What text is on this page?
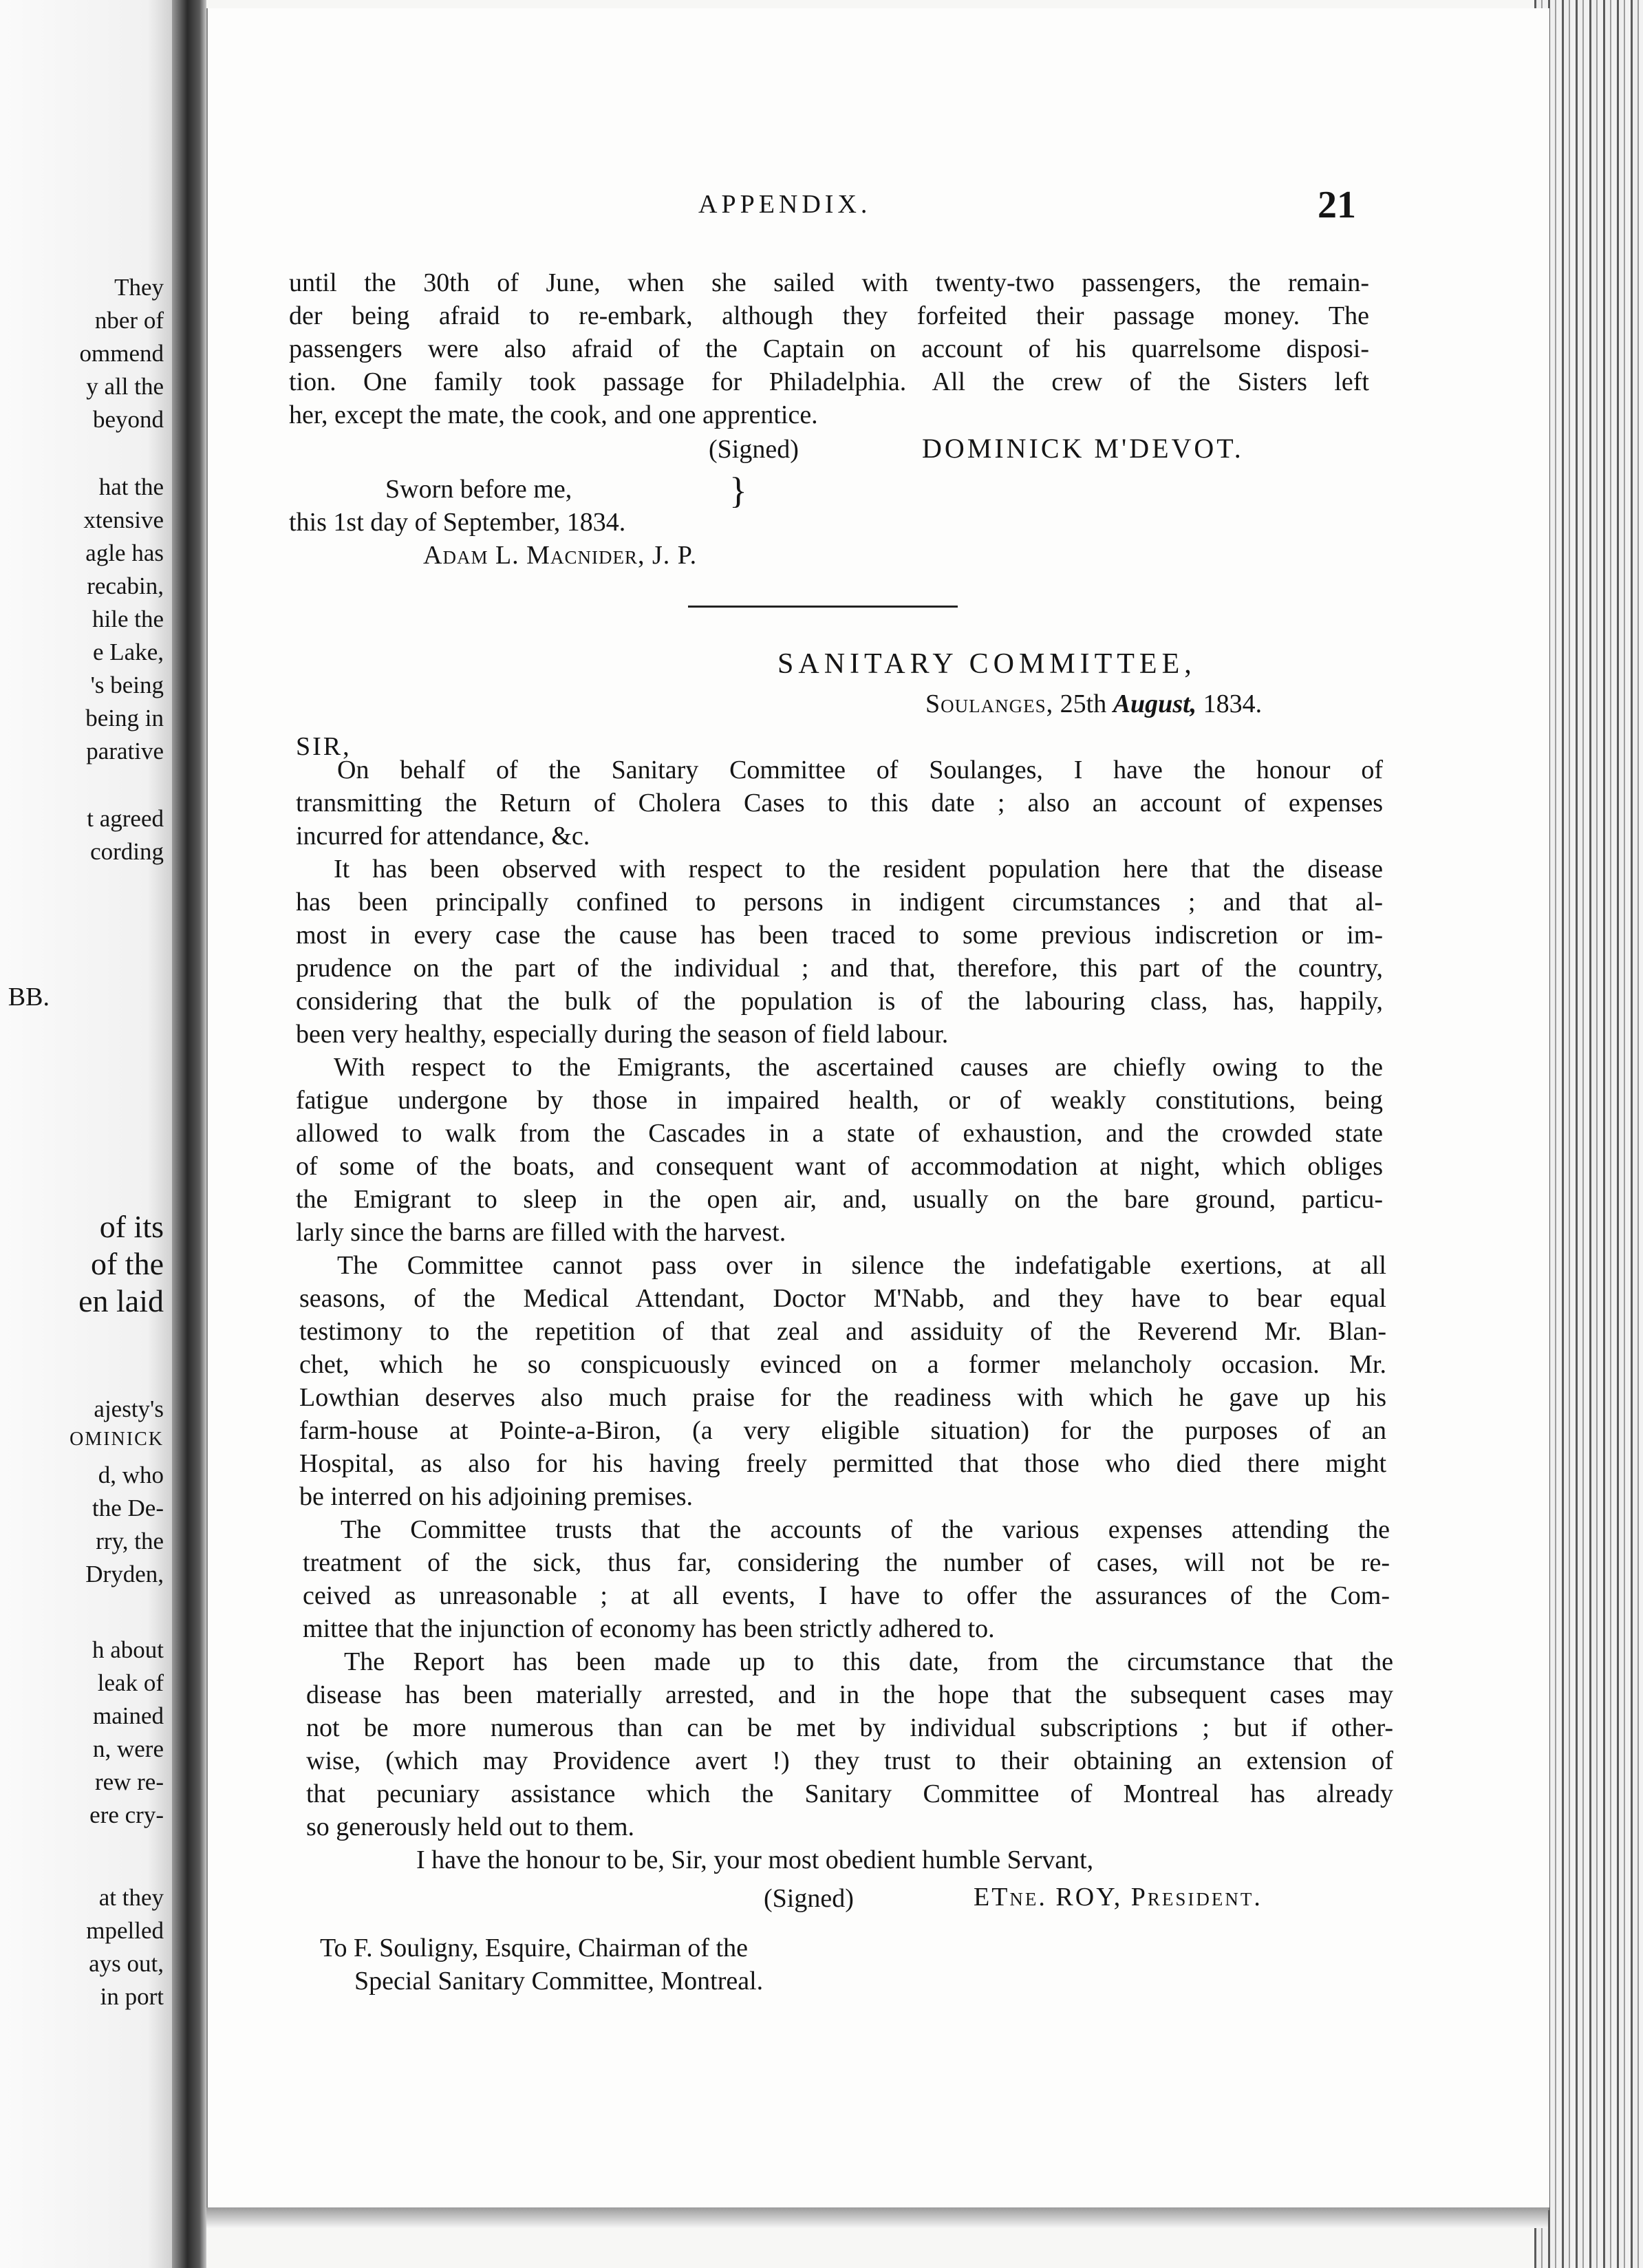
They
nber of
ommend
y all the
beyond
hat the
xtensive
agle has
recabin,
hile the
e Lake,
's being
being in
parative
t agreed
cording
BB.
of its
of the
en laid
ajesty's
OMINICK
d, who
the De-
rry, the
Dryden,
h about
leak of
mained
n, were
rew re-
ere cry-
at they
mpelled
ays out,
in port
APPENDIX.	21
until the 30th of June, when she sailed with twenty-two passengers, the remain-
der being afraid to re-embark, although they forfeited their passage money. The
passengers were also afraid of the Captain on account of his quarrelsome disposi-
tion. One family took passage for Philadelphia. All the crew of the Sisters left
her, except the mate, the cook, and one apprentice.
(Signed)	DOMINICK M'DEVOT.
Sworn before me,
this 1st day of September, 1834.
}
Adam L. Macnider, J. P.
SANITARY COMMITTEE,
Soulanges, 25th August, 1834.
SIR,
On behalf of the Sanitary Committee of Soulanges, I have the honour of
transmitting the Return of Cholera Cases to this date ; also an account of expenses
incurred for attendance, &c.
It has been observed with respect to the resident population here that the disease
has been principally confined to persons in indigent circumstances ; and that al-
most in every case the cause has been traced to some previous indiscretion or im-
prudence on the part of the individual ; and that, therefore, this part of the country,
considering that the bulk of the population is of the labouring class, has, happily,
been very healthy, especially during the season of field labour.
With respect to the Emigrants, the ascertained causes are chiefly owing to the
fatigue undergone by those in impaired health, or of weakly constitutions, being
allowed to walk from the Cascades in a state of exhaustion, and the crowded state
of some of the boats, and consequent want of accommodation at night, which obliges
the Emigrant to sleep in the open air, and, usually on the bare ground, particu-
larly since the barns are filled with the harvest.
The Committee cannot pass over in silence the indefatigable exertions, at all
seasons, of the Medical Attendant, Doctor M'Nabb, and they have to bear equal
testimony to the repetition of that zeal and assiduity of the Reverend Mr. Blan-
chet, which he so conspicuously evinced on a former melancholy occasion. Mr.
Lowthian deserves also much praise for the readiness with which he gave up his
farm-house at Pointe-a-Biron, (a very eligible situation) for the purposes of an
Hospital, as also for his having freely permitted that those who died there might
be interred on his adjoining premises.
The Committee trusts that the accounts of the various expenses attending the
treatment of the sick, thus far, considering the number of cases, will not be re-
ceived as unreasonable ; at all events, I have to offer the assurances of the Com-
mittee that the injunction of economy has been strictly adhered to.
The Report has been made up to this date, from the circumstance that the
disease has been materially arrested, and in the hope that the subsequent cases may
not be more numerous than can be met by individual subscriptions ; but if other-
wise, (which may Providence avert !) they trust to their obtaining an extension of
that pecuniary assistance which the Sanitary Committee of Montreal has already
so generously held out to them.
I have the honour to be, Sir, your most obedient humble Servant,
(Signed)	ETne. ROY, President.
To F. Souligny, Esquire, Chairman of the
Special Sanitary Committee, Montreal.
